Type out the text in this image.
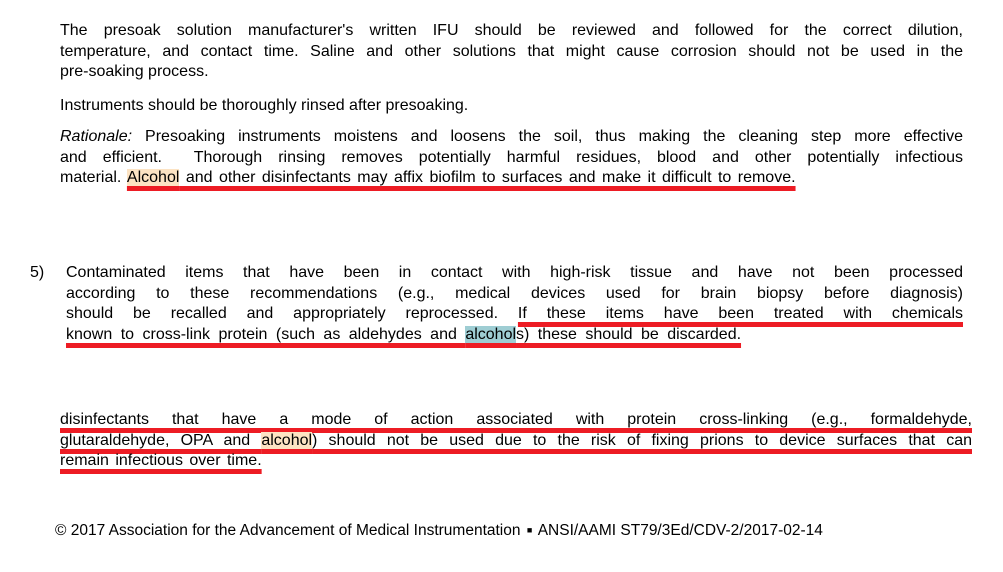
The presoak solution manufacturer's written IFU should be reviewed and followed for the correct dilution,
temperature, and contact time. Saline and other solutions that might cause corrosion should not be used in the
pre-soaking process.
Instruments should be thoroughly rinsed after presoaking.
Rationale: Presoaking instruments moistens and loosens the soil, thus making the cleaning step more effective
and efficient.  Thorough rinsing removes potentially harmful residues, blood and other potentially infectious
material. Alcohol and other disinfectants may affix biofilm to surfaces and make it difficult to remove.
5) Contaminated items that have been in contact with high-risk tissue and have not been processed
according to these recommendations (e.g., medical devices used for brain biopsy before diagnosis)
should be recalled and appropriately reprocessed. If these items have been treated with chemicals
known to cross-link protein (such as aldehydes and alcohols) these should be discarded.
disinfectants that have a mode of action associated with protein cross-linking (e.g., formaldehyde,
glutaraldehyde, OPA and alcohol) should not be used due to the risk of fixing prions to device surfaces that can
remain infectious over time.
© 2017 Association for the Advancement of Medical Instrumentation ■ ANSI/AAMI ST79/3Ed/CDV-2/2017-02-14
